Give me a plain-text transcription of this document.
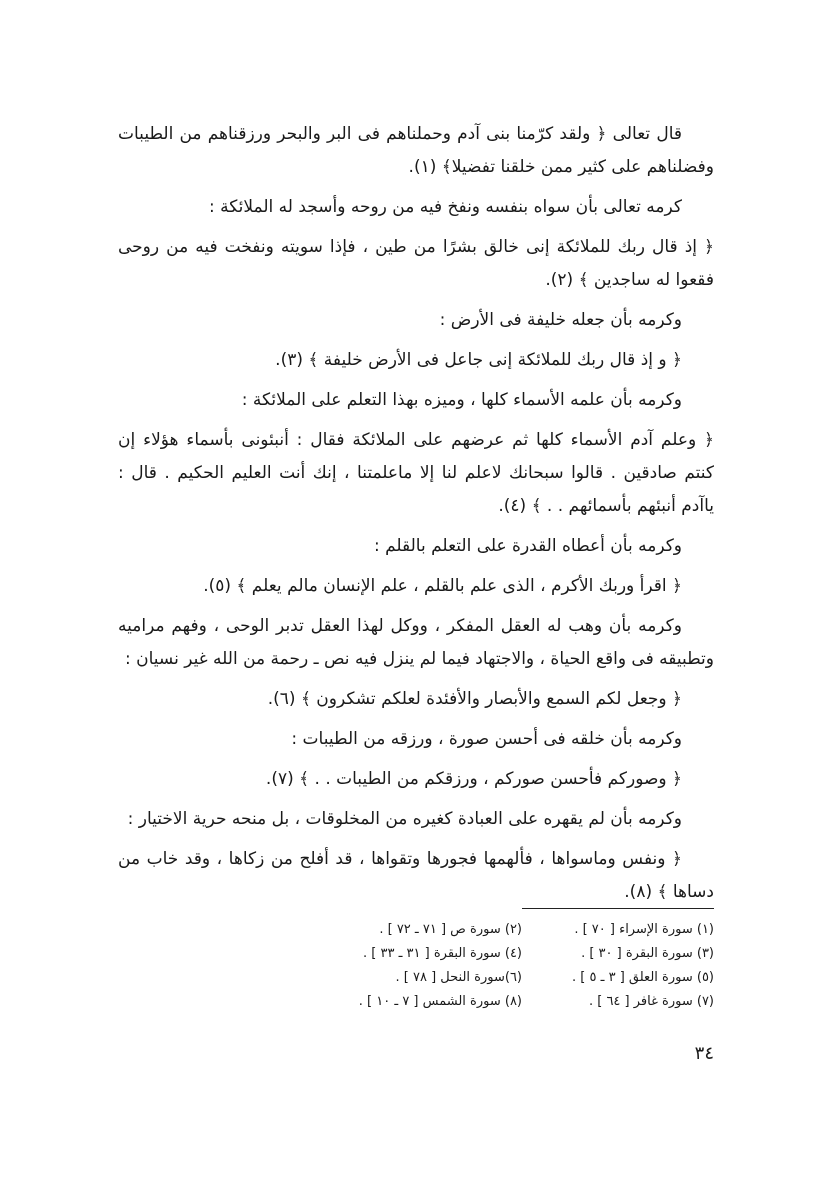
قال تعالى ﴿ ولقد كرّمنا بنى آدم وحملناهم فى البر والبحر ورزقناهم من الطيبات وفضلناهم على كثير ممن خلقنا تفضيلا﴾ (١).

كرمه تعالى بأن سواه بنفسه ونفخ فيه من روحه وأسجد له الملائكة :

﴿ إذ قال ربك للملائكة إنى خالق بشرًا من طين ، فإذا سويته ونفخت فيه من روحى فقعوا له ساجدين ﴾ (٢).

وكرمه بأن جعله خليفة فى الأرض :

﴿ و إذ قال ربك للملائكة إنى جاعل فى الأرض خليفة ﴾ (٣).

وكرمه بأن علمه الأسماء كلها ، وميزه بهذا التعلم على الملائكة :

﴿ وعلم آدم الأسماء كلها ثم عرضهم على الملائكة فقال : أنبئونى بأسماء هؤلاء إن كنتم صادقين . قالوا سبحانك لاعلم لنا إلا ماعلمتنا ، إنك أنت العليم الحكيم . قال : ياآدم أنبئهم بأسمائهم . . ﴾ (٤).

وكرمه بأن أعطاه القدرة على التعلم بالقلم :

﴿ اقرأ وربك الأكرم ، الذى علم بالقلم ، علم الإنسان مالم يعلم ﴾ (٥).

وكرمه بأن وهب له العقل المفكر ، ووكل لهذا العقل تدبر الوحى ، وفهم مراميه وتطبيقه فى واقع الحياة ، والاجتهاد فيما لم ينزل فيه نص ـ رحمة من الله غير نسيان :

﴿ وجعل لكم السمع والأبصار والأفئدة لعلكم تشكرون ﴾ (٦).

وكرمه بأن خلقه فى أحسن صورة ، ورزقه من الطيبات :

﴿ وصوركم فأحسن صوركم ، ورزقكم من الطيبات . . ﴾ (٧).

وكرمه بأن لم يقهره على العبادة كغيره من المخلوقات ، بل منحه حرية الاختيار :

﴿ ونفس وماسواها ، فألهمها فجورها وتقواها ، قد أفلح من زكاها ، وقد خاب من دساها ﴾ (٨).

(١) سورة الإسراء [ ٧٠ ] .
(٢) سورة ص [ ٧١ ـ ٧٢ ] .
(٣) سورة البقرة [ ٣٠ ] .
(٤) سورة البقرة [ ٣١ ـ ٣٣ ] .
(٥) سورة العلق [ ٣ ـ ٥ ] .
(٦)سورة النحل [ ٧٨ ] .
(٧) سورة غافر [ ٦٤ ] .
(٨) سورة الشمس [ ٧ ـ ١٠ ] .
٣٤
